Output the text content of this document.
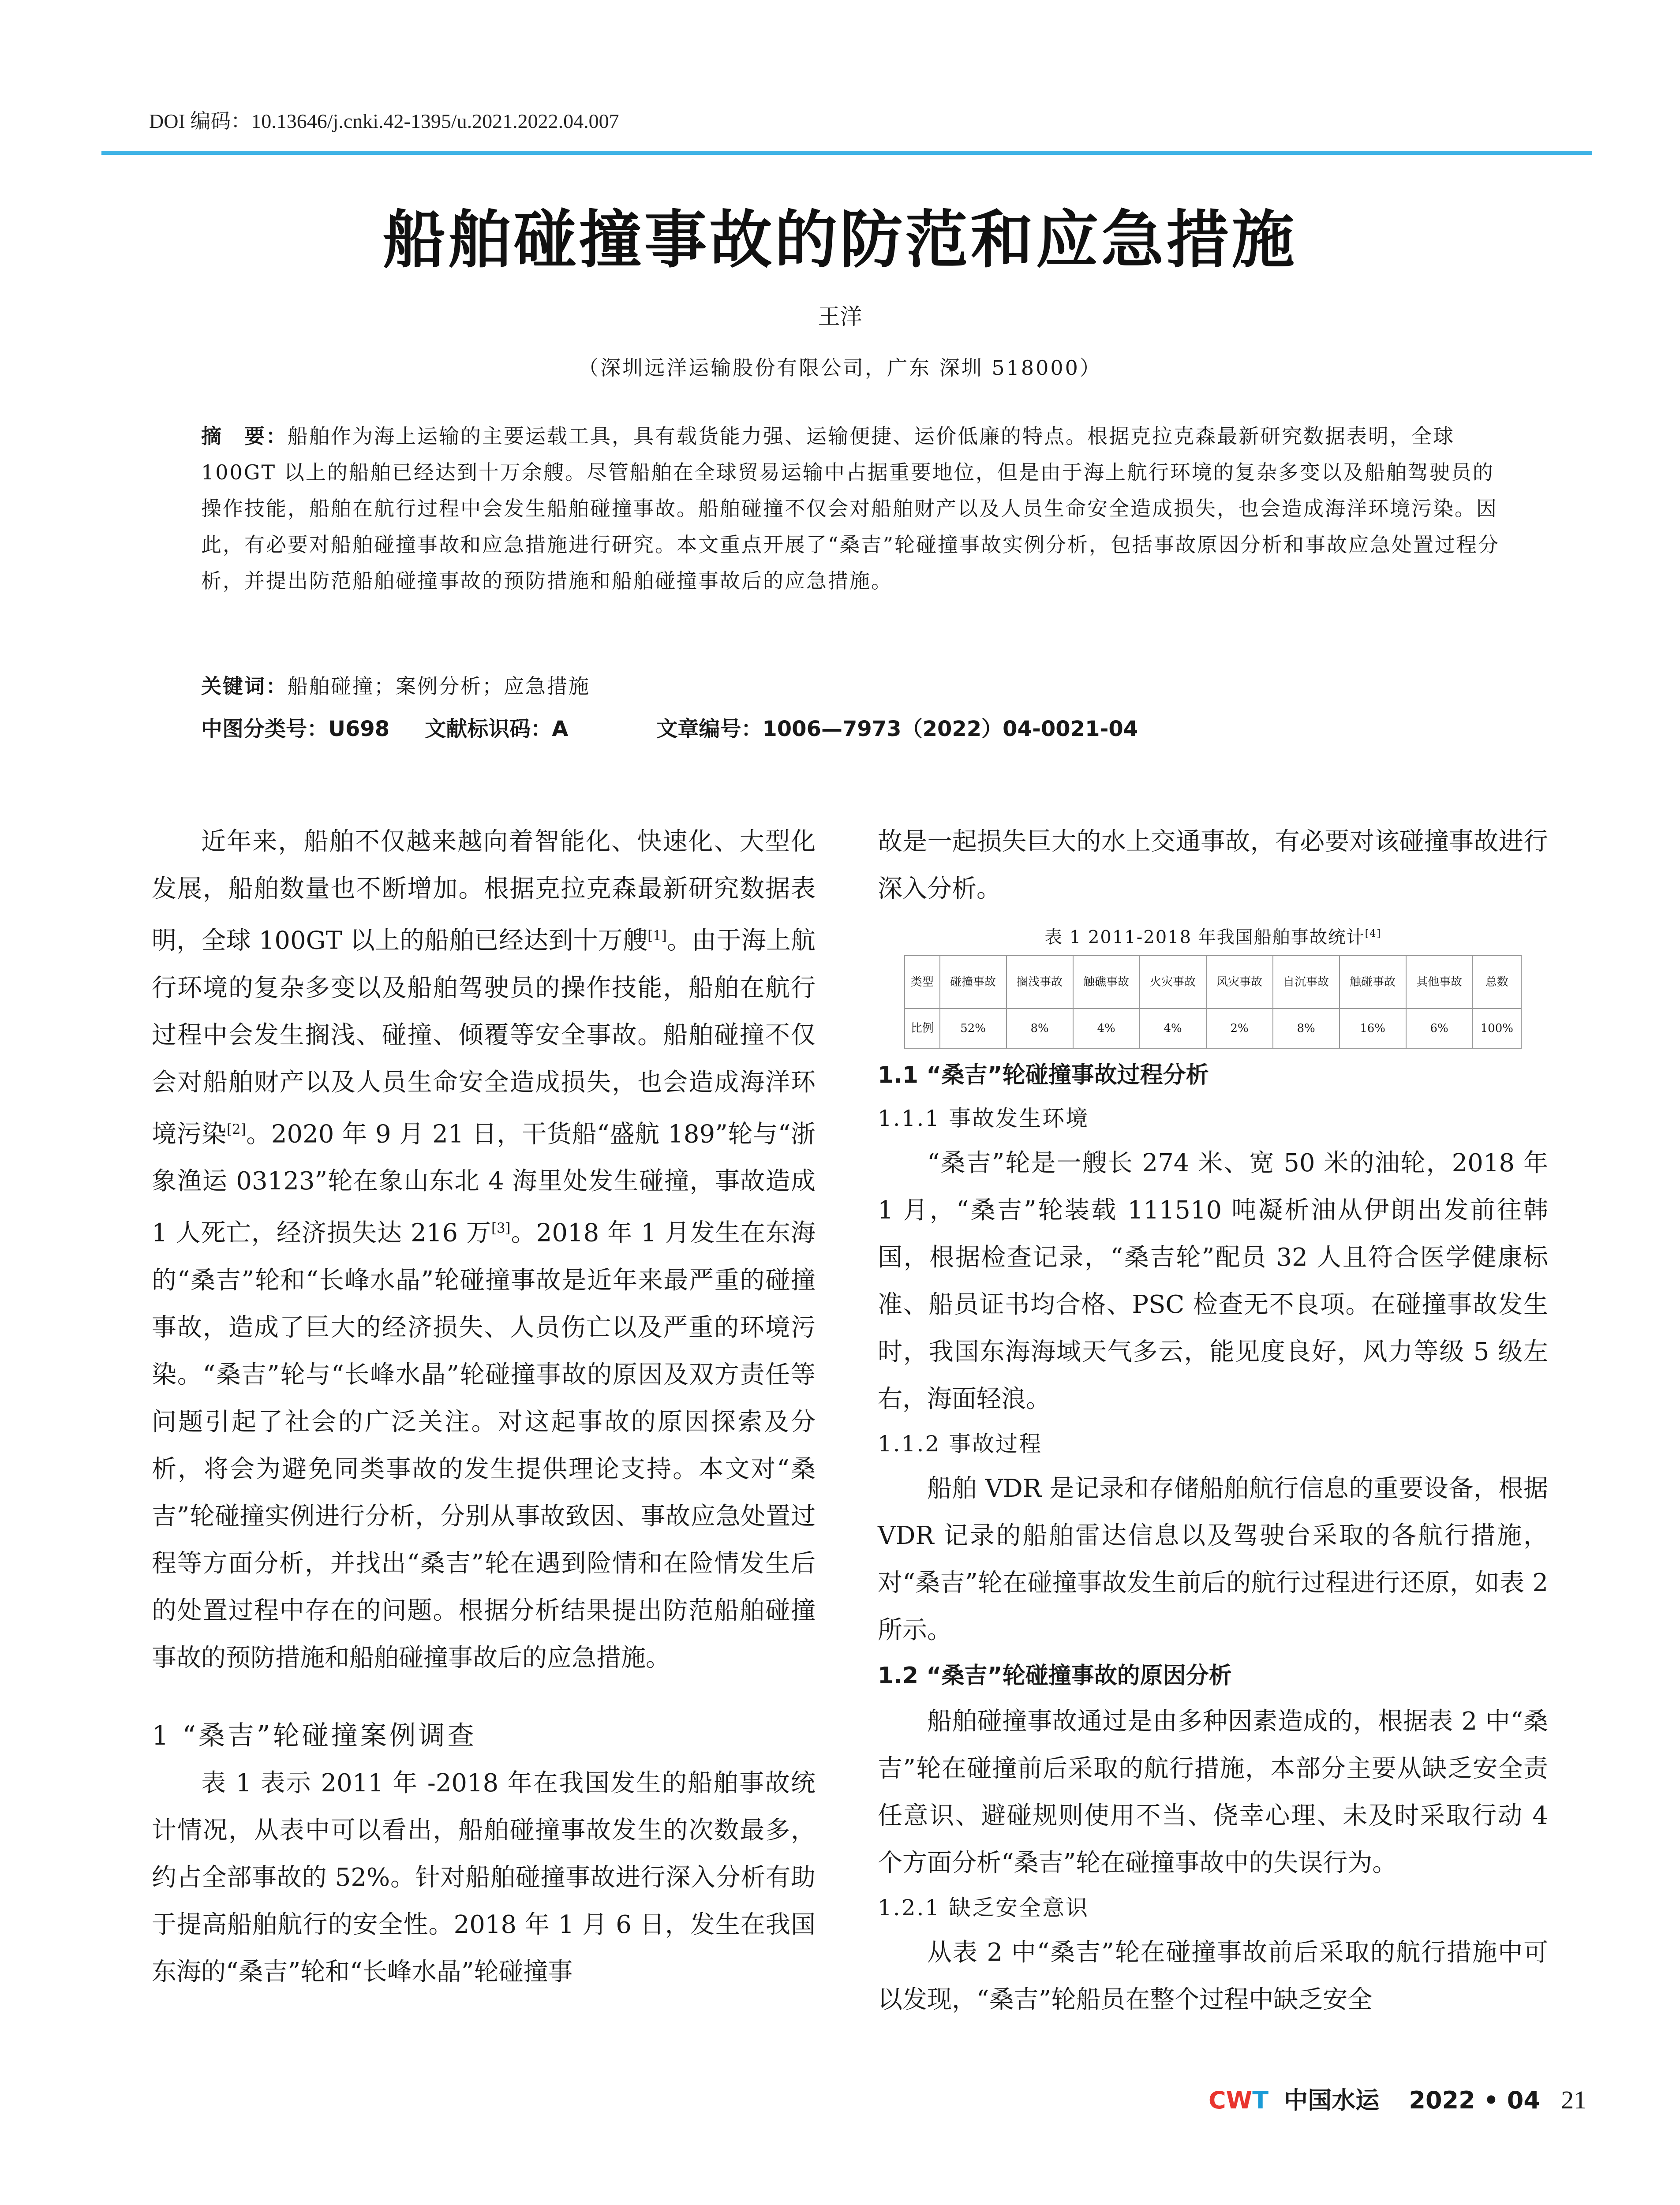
DOI 编码：10.13646/j.cnki.42-1395/u.2021.2022.04.007
船舶碰撞事故的防范和应急措施
王洋
（深圳远洋运输股份有限公司，广东 深圳 518000）
摘　要：船舶作为海上运输的主要运载工具，具有载货能力强、运输便捷、运价低廉的特点。根据克拉克森最新研究数据表明，全球 100GT 以上的船舶已经达到十万余艘。尽管船舶在全球贸易运输中占据重要地位，但是由于海上航行环境的复杂多变以及船舶驾驶员的操作技能，船舶在航行过程中会发生船舶碰撞事故。船舶碰撞不仅会对船舶财产以及人员生命安全造成损失，也会造成海洋环境污染。因此，有必要对船舶碰撞事故和应急措施进行研究。本文重点开展了“桑吉”轮碰撞事故实例分析，包括事故原因分析和事故应急处置过程分析，并提出防范船舶碰撞事故的预防措施和船舶碰撞事故后的应急措施。
关键词：船舶碰撞；案例分析；应急措施
中图分类号：U698 文献标识码：A	文章编号：1006—7973（2022）04-0021-04

近年来，船舶不仅越来越向着智能化、快速化、大型化发展，船舶数量也不断增加。根据克拉克森最新研究数据表明，全球 100GT 以上的船舶已经达到十万艘[1]。由于海上航行环境的复杂多变以及船舶驾驶员的操作技能，船舶在航行过程中会发生搁浅、碰撞、倾覆等安全事故。船舶碰撞不仅会对船舶财产以及人员生命安全造成损失，也会造成海洋环境污染[2]。2020 年 9 月 21 日，干货船“盛航 189”轮与“浙象渔运 03123”轮在象山东北 4 海里处发生碰撞，事故造成 1 人死亡，经济损失达 216 万[3]。2018 年 1 月发生在东海的“桑吉”轮和“长峰水晶”轮碰撞事故是近年来最严重的碰撞事故，造成了巨大的经济损失、人员伤亡以及严重的环境污染。“桑吉”轮与“长峰水晶”轮碰撞事故的原因及双方责任等问题引起了社会的广泛关注。对这起事故的原因探索及分析，将会为避免同类事故的发生提供理论支持。本文对“桑吉”轮碰撞实例进行分析，分别从事故致因、事故应急处置过程等方面分析，并找出“桑吉”轮在遇到险情和在险情发生后的处置过程中存在的问题。根据分析结果提出防范船舶碰撞事故的预防措施和船舶碰撞事故后的应急措施。

1 “桑吉”轮碰撞案例调查

表 1 表示 2011 年 -2018 年在我国发生的船舶事故统计情况，从表中可以看出，船舶碰撞事故发生的次数最多，约占全部事故的 52%。针对船舶碰撞事故进行深入分析有助于提高船舶航行的安全性。2018 年 1 月 6 日，发生在我国东海的“桑吉”轮和“长峰水晶”轮碰撞事

故是一起损失巨大的水上交通事故，有必要对该碰撞事故进行深入分析。

表 1 2011-2018 年我国船舶事故统计[4]
类型	碰撞事故	搁浅事故	触礁事故	火灾事故	风灾事故	自沉事故	触碰事故	其他事故	总数
比例	52%	8%	4%	4%	2%	8%	16%	6%	100%
1.1 “桑吉”轮碰撞事故过程分析
1.1.1 事故发生环境

“桑吉”轮是一艘长 274 米、宽 50 米的油轮，2018 年 1 月，“桑吉”轮装载 111510 吨凝析油从伊朗出发前往韩国，根据检查记录，“桑吉轮”配员 32 人且符合医学健康标准、船员证书均合格、PSC 检查无不良项。在碰撞事故发生时，我国东海海域天气多云，能见度良好，风力等级 5 级左右，海面轻浪。

1.1.2 事故过程

船舶 VDR 是记录和存储船舶航行信息的重要设备，根据 VDR 记录的船舶雷达信息以及驾驶台采取的各航行措施，对“桑吉”轮在碰撞事故发生前后的航行过程进行还原，如表 2 所示。

1.2 “桑吉”轮碰撞事故的原因分析

船舶碰撞事故通过是由多种因素造成的，根据表 2 中“桑吉”轮在碰撞前后采取的航行措施，本部分主要从缺乏安全责任意识、避碰规则使用不当、侥幸心理、未及时采取行动 4 个方面分析“桑吉”轮在碰撞事故中的失误行为。

1.2.1 缺乏安全意识

从表 2 中“桑吉”轮在碰撞事故前后采取的航行措施中可以发现，“桑吉”轮船员在整个过程中缺乏安全

CWT 中国水运 2022 • 04 21
